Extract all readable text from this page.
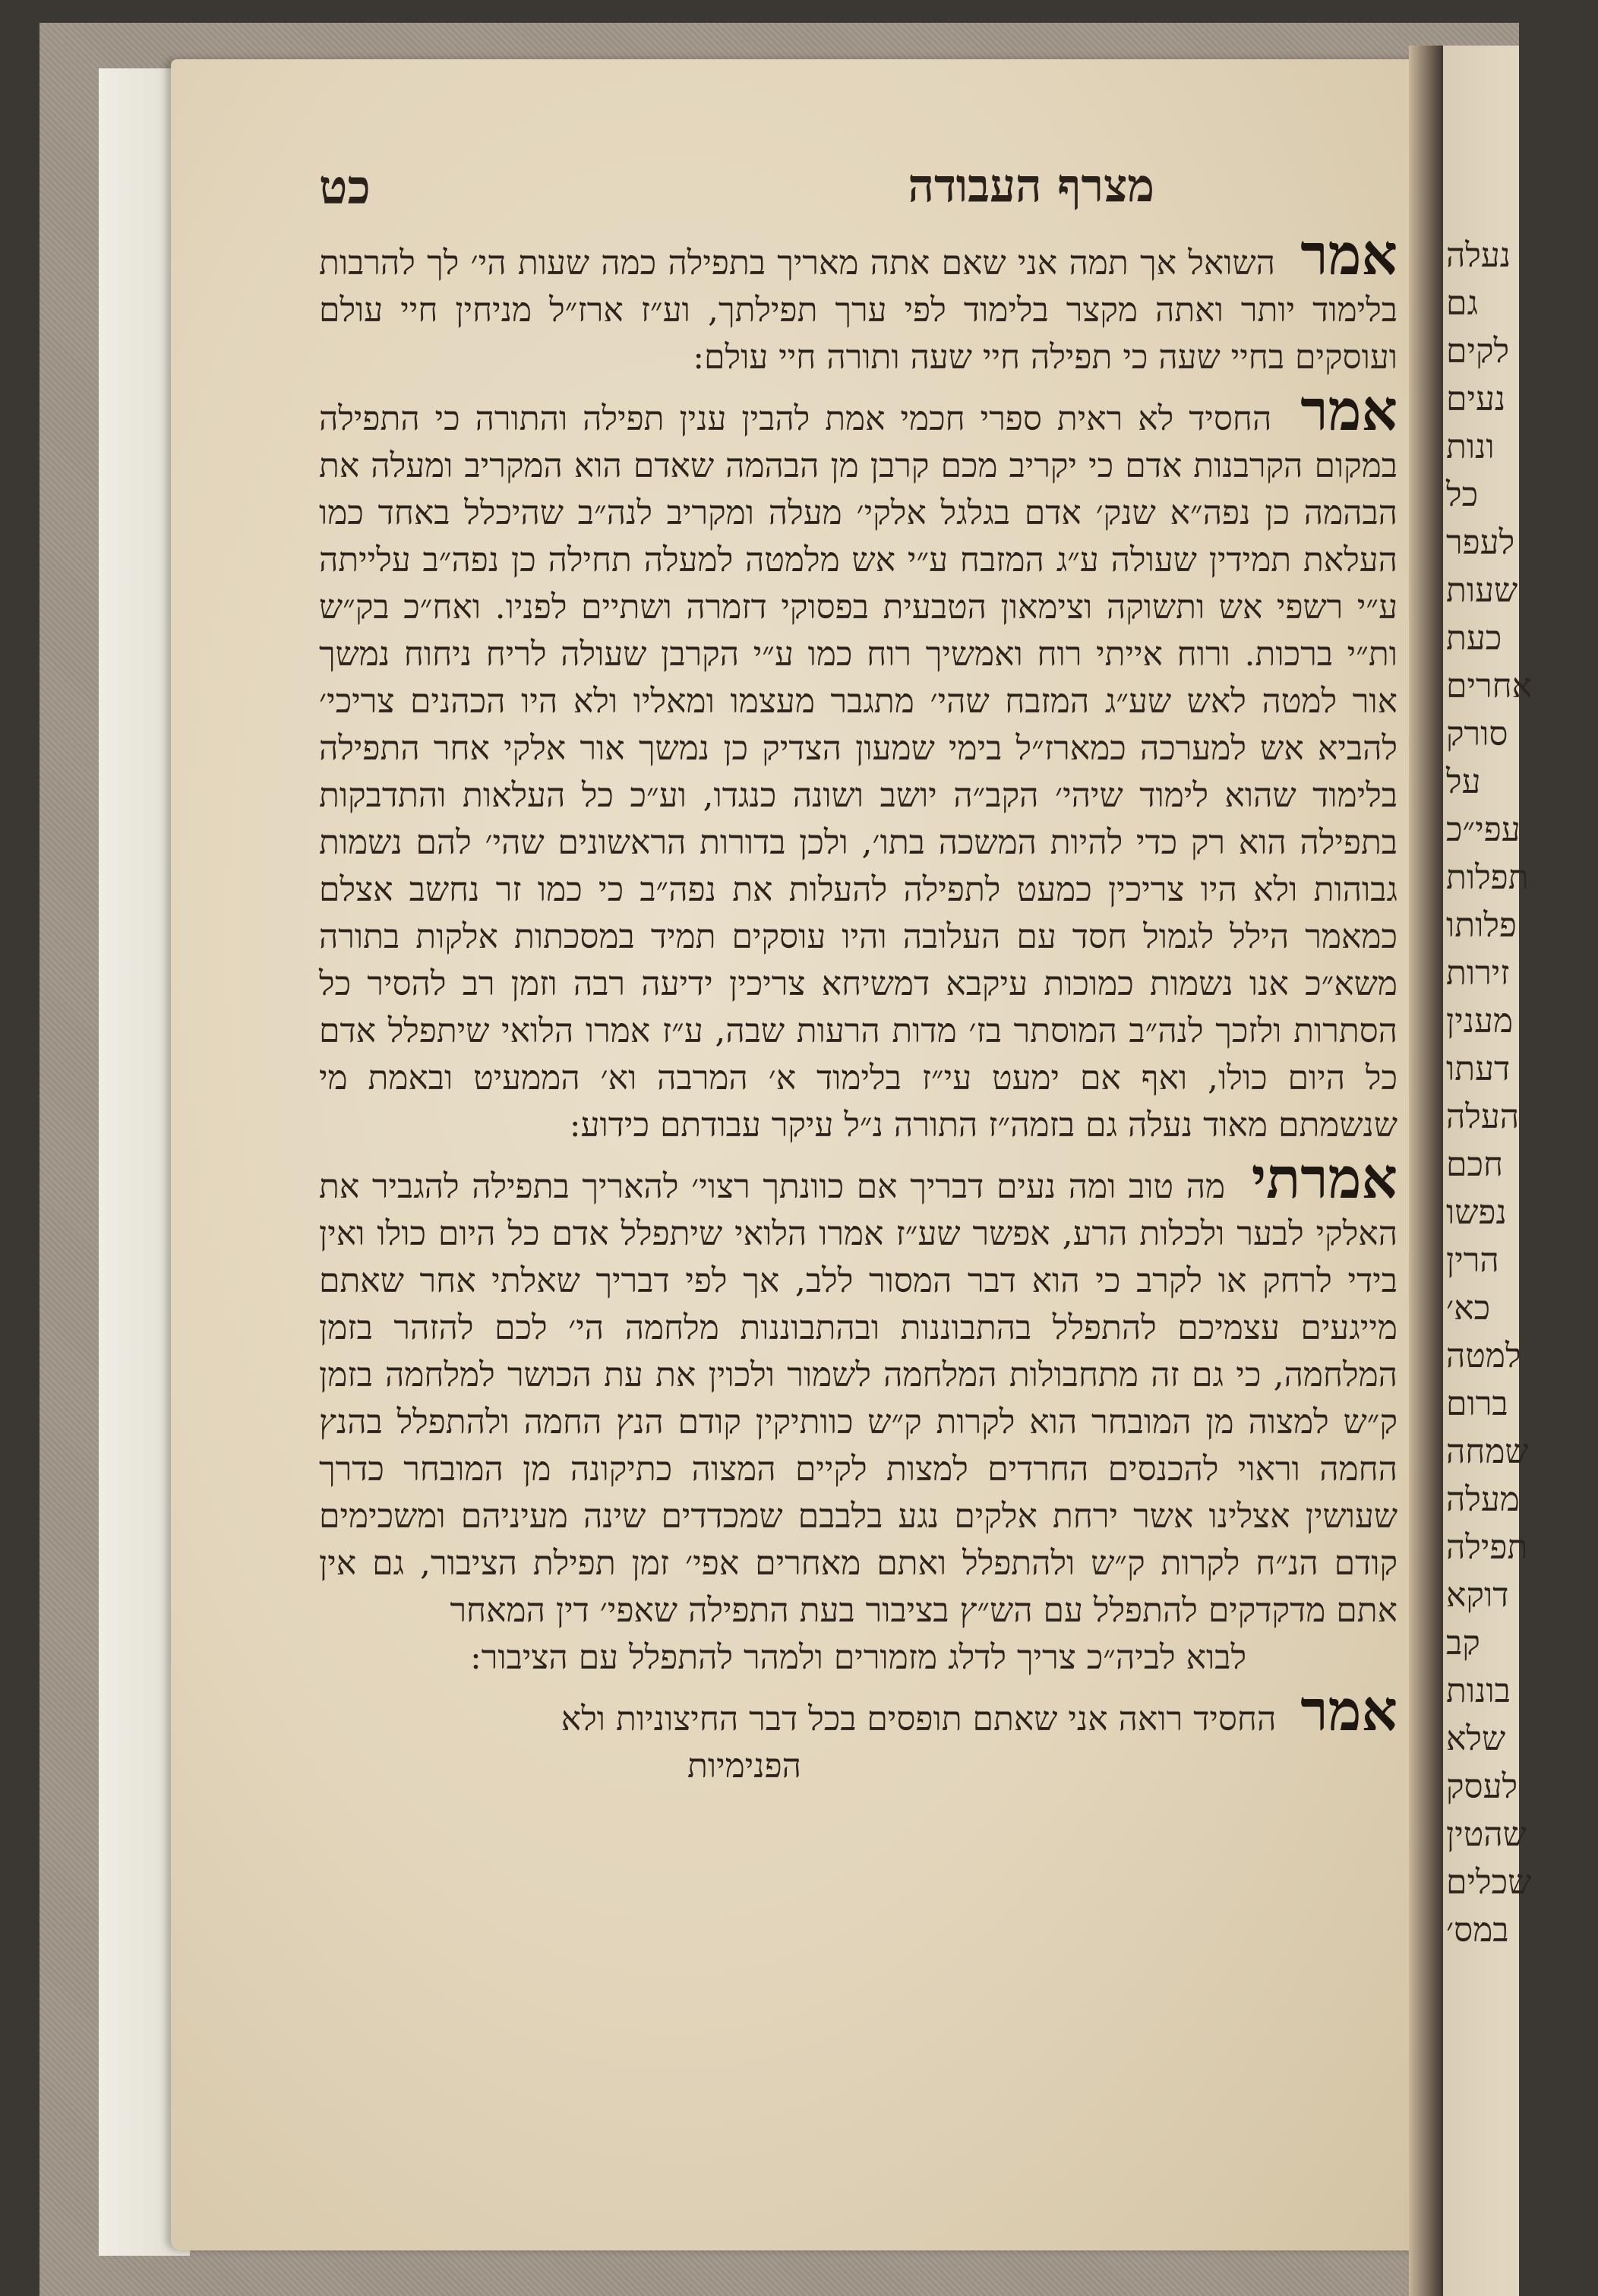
נעלה
גם
לקים
נעים
ונות
כל
לעפר
שעות
כעת
אחרים
סורק
על
עפי״כ
תפלות
פלותו
זירות
מענין
דעתו
העלה
חכם
נפשו
הרין
כא׳
למטה
ברום
שמחה
מעלה
תפילה
דוקא
קב
בונות
שלא
לעסק
שהטין
שכלים
במס׳
מצרף העבודה
כט

אמר השואל אך תמה אני שאם אתה מאריך בתפילה כמה שעות הי׳ לך להרבות בלימוד יותר ואתה מקצר בלימוד לפי ערך תפילתך, וע״ז ארז״ל מניחין חיי עולם ועוסקים בחיי שעה כי תפילה חיי שעה ותורה חיי עולם:

אמר החסיד לא ראית ספרי חכמי אמת להבין ענין תפילה והתורה כי התפילה במקום הקרבנות אדם כי יקריב מכם קרבן מן הבהמה שאדם הוא המקריב ומעלה את הבהמה כן נפה״א שנק׳ אדם בגלגל אלקי׳ מעלה ומקריב לנה״ב שהיכלל באחד כמו העלאת תמידין שעולה ע״ג המזבח ע״י אש מלמטה למעלה תחילה כן נפה״ב עלייתה ע״י רשפי אש ותשוקה וצימאון הטבעית בפסוקי דזמרה ושתיים לפניו. ואח״כ בק״ש ות״י ברכות. ורוח אייתי רוח ואמשיך רוח כמו ע״י הקרבן שעולה לריח ניחוח נמשך אור למטה לאש שע״ג המזבח שהי׳ מתגבר מעצמו ומאליו ולא היו הכהנים צריכי׳ להביא אש למערכה כמארז״ל בימי שמעון הצדיק כן נמשך אור אלקי אחר התפילה בלימוד שהוא לימוד שיהי׳ הקב״ה יושב ושונה כנגדו, וע״כ כל העלאות והתדבקות בתפילה הוא רק כדי להיות המשכה בתו׳, ולכן בדורות הראשונים שהי׳ להם נשמות גבוהות ולא היו צריכין כמעט לתפילה להעלות את נפה״ב כי כמו זר נחשב אצלם כמאמר הילל לגמול חסד עם העלובה והיו עוסקים תמיד במסכתות אלקות בתורה משא״כ אנו נשמות כמוכות עיקבא דמשיחא צריכין ידיעה רבה וזמן רב להסיר כל הסתרות ולזכך לנה״ב המוסתר בז׳ מדות הרעות שבה, ע״ז אמרו הלואי שיתפלל אדם כל היום כולו, ואף אם ימעט עי״ז בלימוד א׳ המרבה וא׳ הממעיט ובאמת מי שנשמתם מאוד נעלה גם בזמה״ז התורה נ״ל עיקר עבודתם כידוע:

אמרתי מה טוב ומה נעים דבריך אם כוונתך רצוי׳ להאריך בתפילה להגביר את האלקי לבער ולכלות הרע, אפשר שע״ז אמרו הלואי שיתפלל אדם כל היום כולו ואין בידי לרחק או לקרב כי הוא דבר המסור ללב, אך לפי דבריך שאלתי אחר שאתם מייגעים עצמיכם להתפלל בהתבוננות ובהתבוננות מלחמה הי׳ לכם להזהר בזמן המלחמה, כי גם זה מתחבולות המלחמה לשמור ולכוין את עת הכושר למלחמה בזמן ק״ש למצוה מן המובחר הוא לקרות ק״ש כוותיקין קודם הנץ החמה ולהתפלל בהנץ החמה וראוי להכנסים החרדים למצות לקיים המצוה כתיקונה מן המובחר כדרך שעושין אצלינו אשר ירחת אלקים נגע בלבבם שמכדדים שינה מעיניהם ומשכימים קודם הנ״ח לקרות ק״ש ולהתפלל ואתם מאחרים אפי׳ זמן תפילת הציבור, גם אין אתם מדקדקים להתפלל עם הש״ץ בציבור בעת התפילה שאפי׳ דין המאחר

לבוא לביה״כ צריך לדלג מזמורים ולמהר להתפלל עם הציבור:

אמר החסיד רואה אני שאתם תופסים בכל דבר החיצוניות ולא

הפנימיות
